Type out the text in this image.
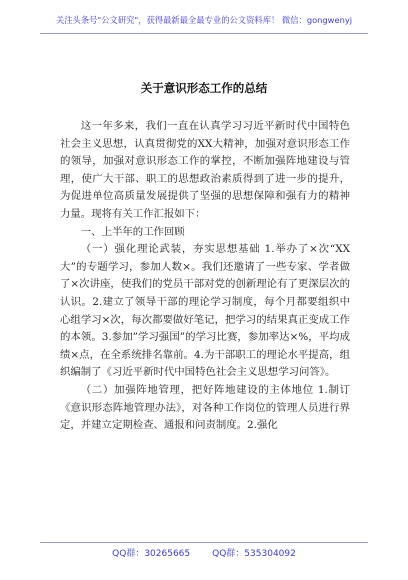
关注头条号"公文研究"，获得最新最全最专业的公文资料库！ 微信：gongwenyj
关于意识形态工作的总结

这一年多来，我们一直在认真学习习近平新时代中国特色社会主义思想，认真贯彻党的XX大精神，加强对意识形态工作的领导，加强对意识形态工作的掌控，不断加强阵地建设与管理，使广大干部、职工的思想政治素质得到了进一步的提升，为促进单位高质量发展提供了坚强的思想保障和强有力的精神力量。现将有关工作汇报如下：

一、上半年的工作回顾

（一）强化理论武装，夯实思想基础 1.举办了×次“XX大”的专题学习，参加人数×。我们还邀请了一些专家、学者做了×次讲座，使我们的党员干部对党的创新理论有了更深层次的认识。2.建立了领导干部的理论学习制度，每个月都要组织中心组学习×次，每次都要做好笔记，把学习的结果真正变成工作的本领。3.参加”学习强国”的学习比赛，参加率达×%，平均成绩×点，在全系统排名靠前。4.为干部职工的理论水平提高，组织编制了《习近平新时代中国特色社会主义思想学习问答》。

（二）加强阵地管理，把好阵地建设的主体地位 1.制订《意识形态阵地管理办法》，对各种工作岗位的管理人员进行界定，并建立定期检查、通报和问责制度。2.强化

QQ群：30265665 QQ群：535304092
